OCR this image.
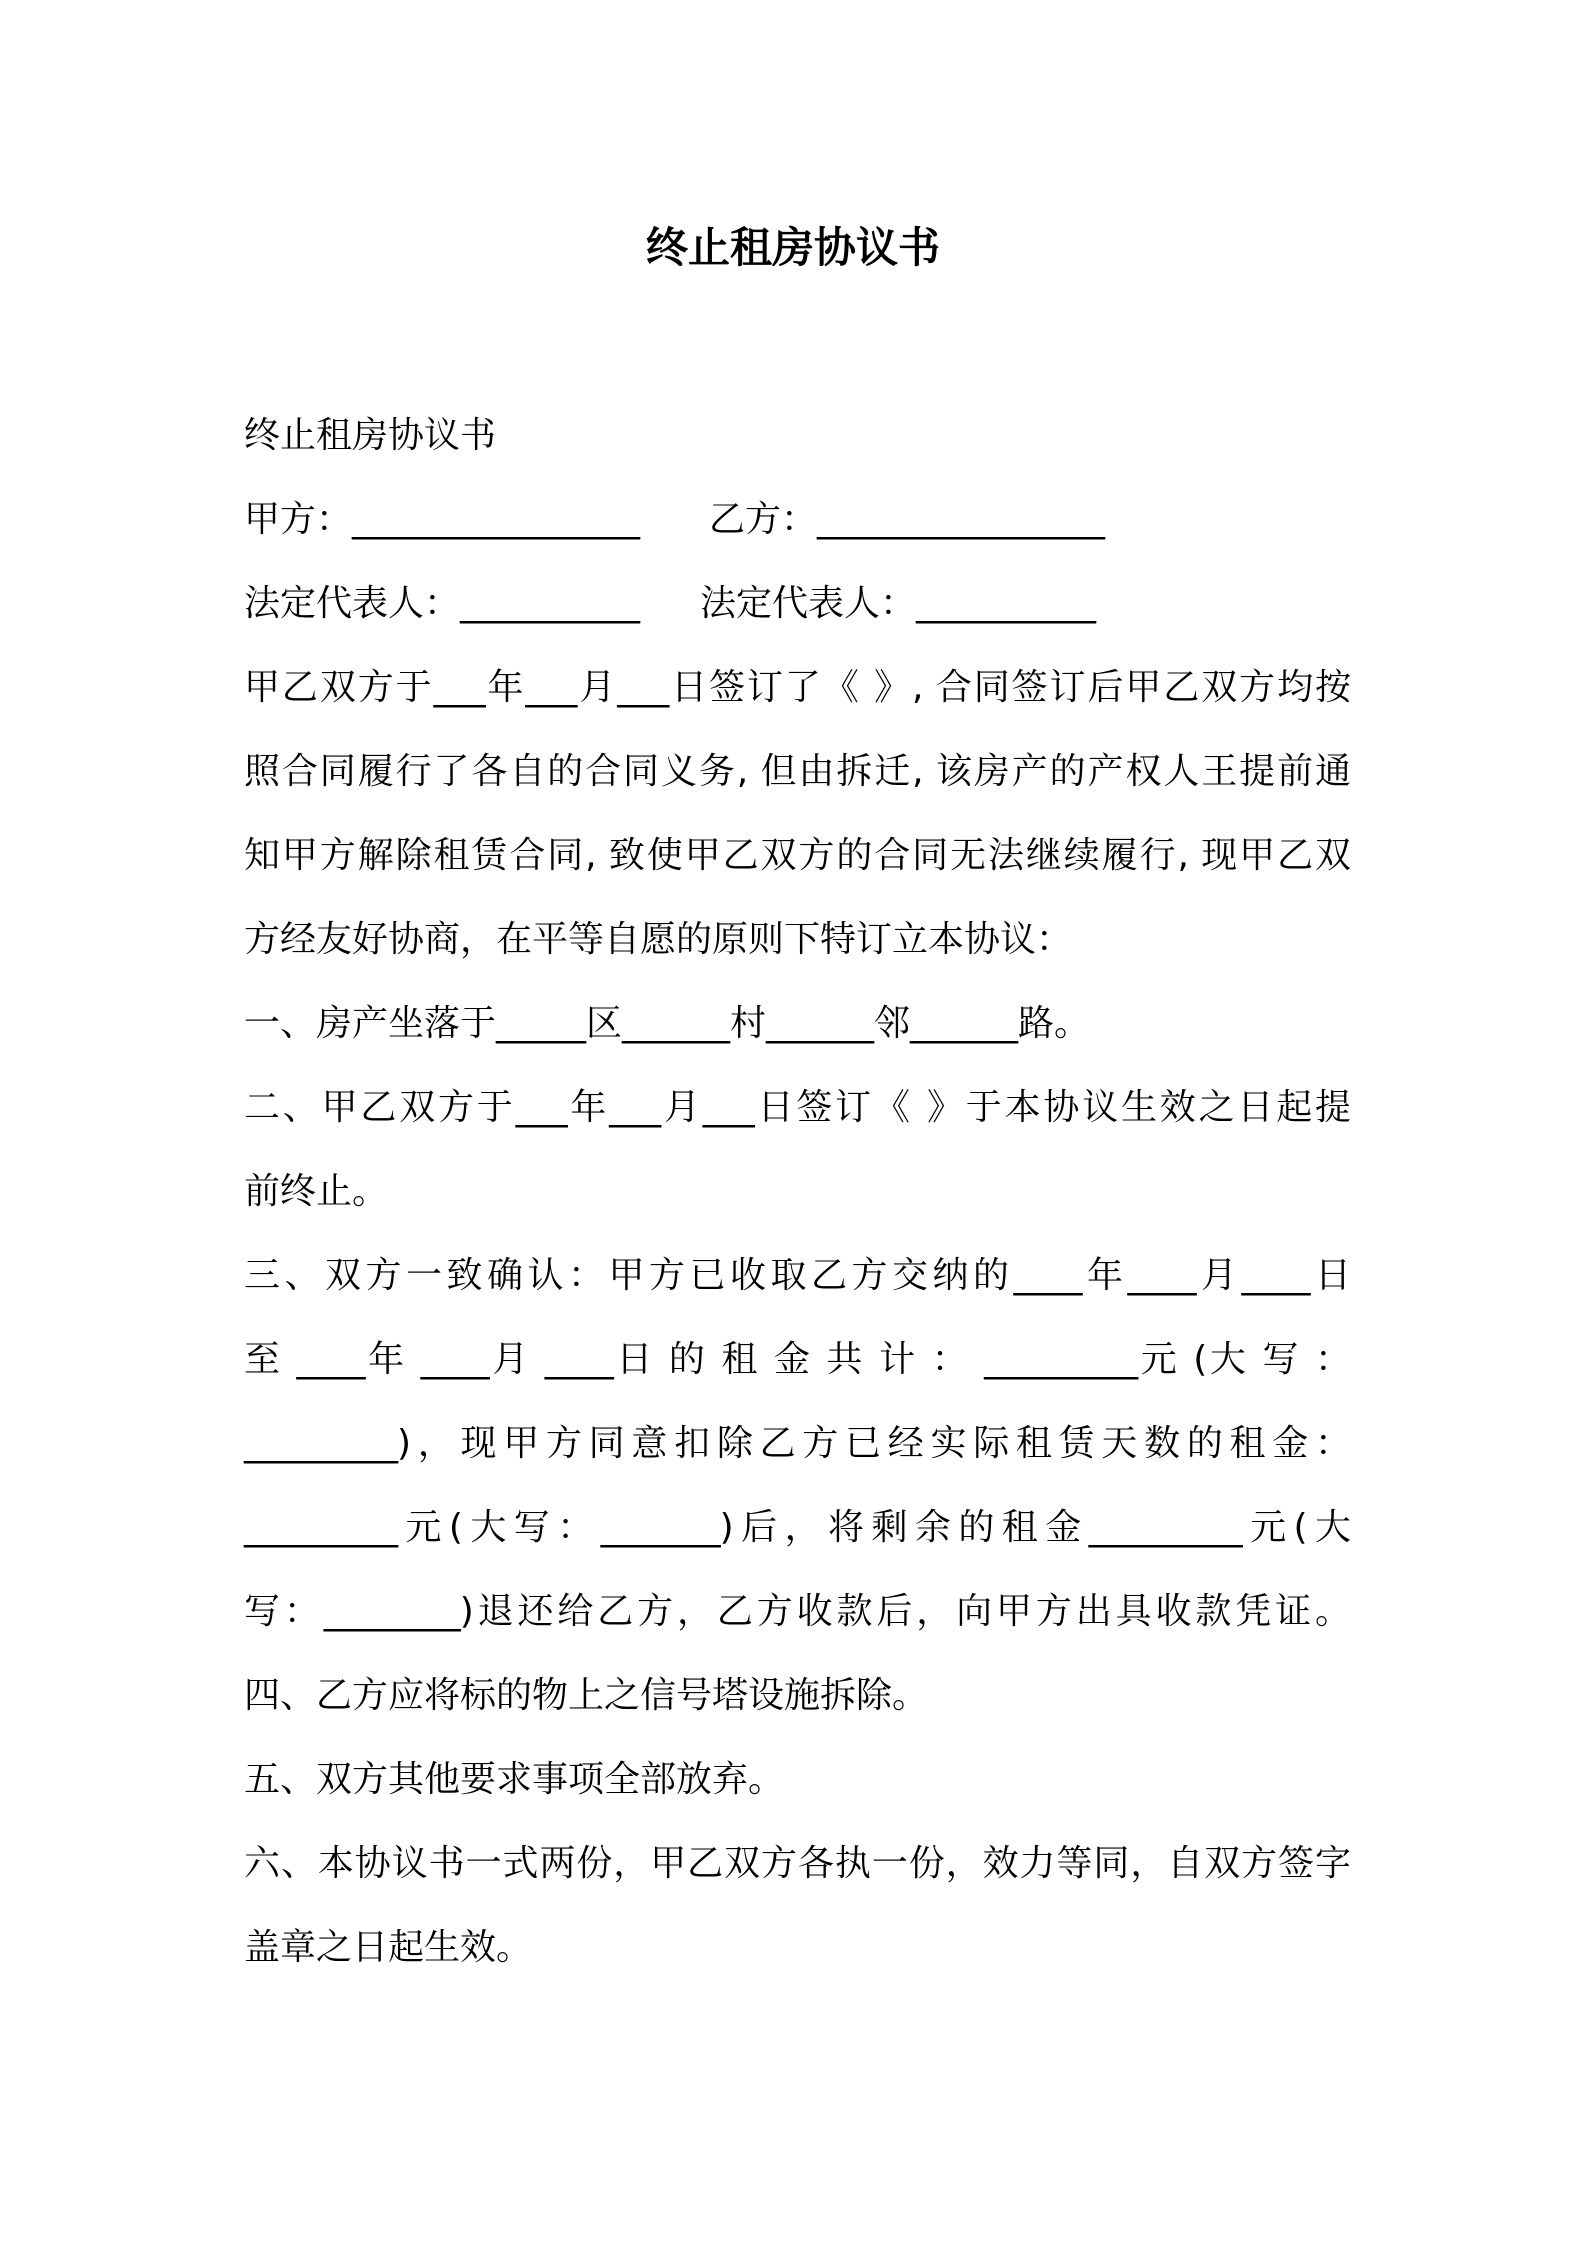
终止租房协议书
终止租房协议书
甲方：________________ 乙方：________________
法定代表人：__________ 法定代表人：__________
甲乙双方于___年___月___日签订了《 》, 合同签订后甲乙双方均按
照合同履行了各自的合同义务, 但由拆迁, 该房产的产权人王提前通
知甲方解除租赁合同, 致使甲乙双方的合同无法继续履行, 现甲乙双
方经友好协商，在平等自愿的原则下特订立本协议：
一、房产坐落于_____区______村______邻______路。
二、甲乙双方于___年___月___日签订《 》于本协议生效之日起提
前终止。
三、双方一致确认：甲方已收取乙方交纳的____年____月____日
至 ____年 ____月 ____日 的 租 金 共 计 ： _________元 (大 写 ：
_________)，现甲方同意扣除乙方已经实际租赁天数的租金：
_________元(大写：_______)后，将剩余的租金_________元(大
写：________)退还给乙方，乙方收款后，向甲方出具收款凭证。
四、乙方应将标的物上之信号塔设施拆除。
五、双方其他要求事项全部放弃。
六、本协议书一式两份，甲乙双方各执一份，效力等同，自双方签字
盖章之日起生效。
